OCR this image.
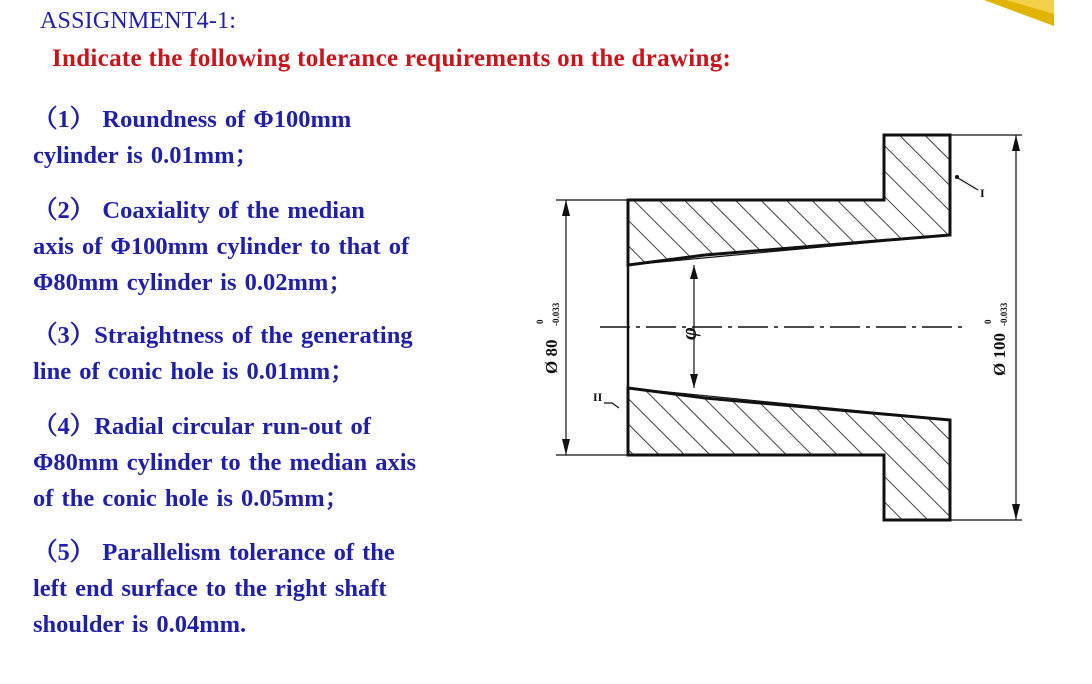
ASSIGNMENT4-1:
Indicate the following tolerance requirements on the drawing:
（1） Roundness of Φ100mm
cylinder is 0.01mm；
（2） Coaxiality of the median
axis of Φ100mm cylinder to that of
Φ80mm cylinder is 0.02mm；
（3）Straightness of the generating
line of conic hole is 0.01mm；
（4）Radial circular run-out of
Φ80mm cylinder to the median axis
of the conic hole is 0.05mm；
（5） Parallelism tolerance of the
left end surface to the right shaft
shoulder is 0.04mm.
Ø 80
0 -0.033
φ	Ø 100
0 -0.033
I
II
